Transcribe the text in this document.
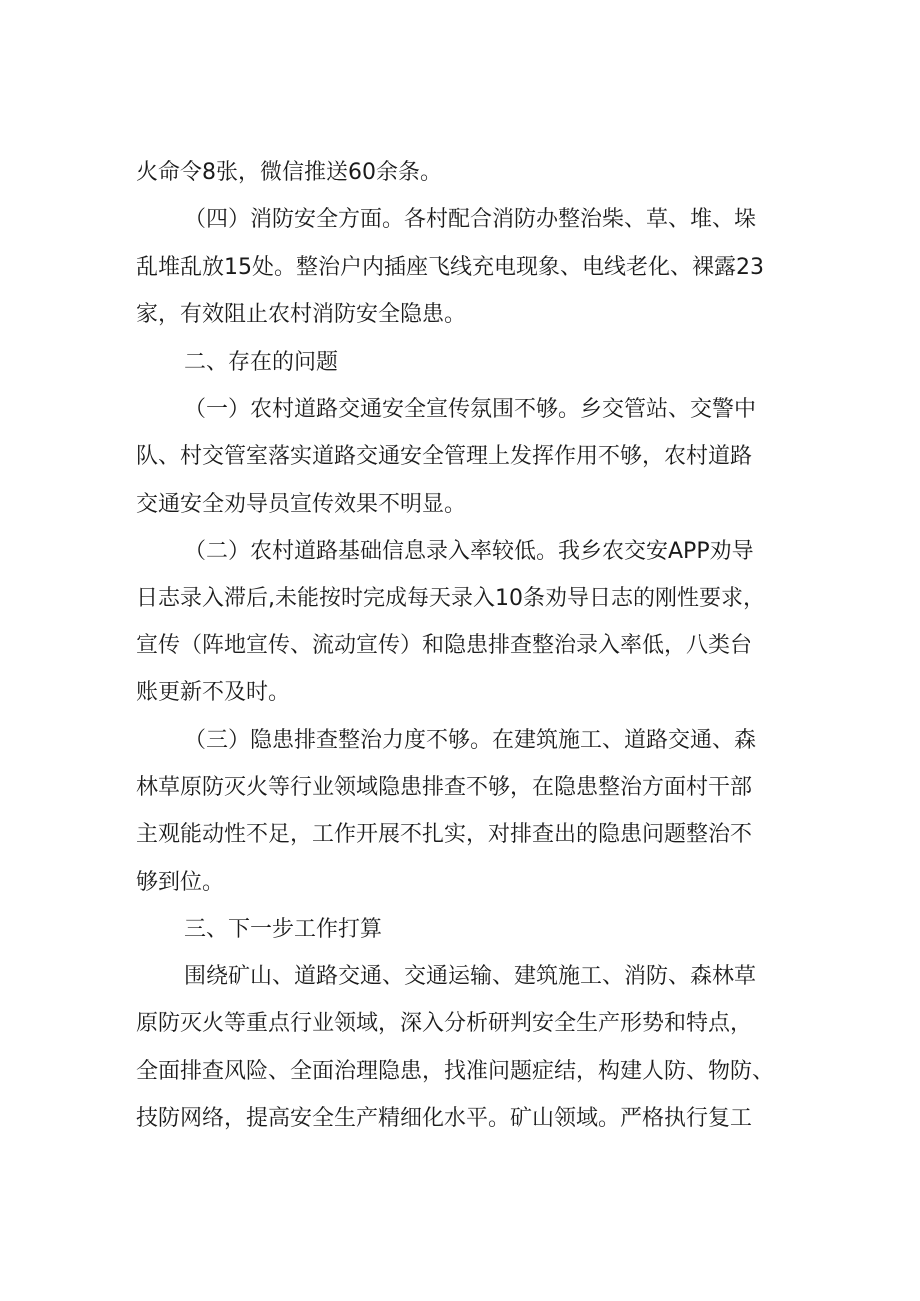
火命令8张，微信推送60余条。
（四）消防安全方面。各村配合消防办整治柴、草、堆、垛
乱堆乱放15处。整治户内插座飞线充电现象、电线老化、裸露23
家，有效阻止农村消防安全隐患。
二、存在的问题
（一）农村道路交通安全宣传氛围不够。乡交管站、交警中
队、村交管室落实道路交通安全管理上发挥作用不够，农村道路
交通安全劝导员宣传效果不明显。
（二）农村道路基础信息录入率较低。我乡农交安APP劝导
日志录入滞后,未能按时完成每天录入10条劝导日志的刚性要求，
宣传（阵地宣传、流动宣传）和隐患排查整治录入率低，八类台
账更新不及时。
（三）隐患排查整治力度不够。在建筑施工、道路交通、森
林草原防灭火等行业领域隐患排查不够，在隐患整治方面村干部
主观能动性不足，工作开展不扎实，对排查出的隐患问题整治不
够到位。
三、下一步工作打算
围绕矿山、道路交通、交通运输、建筑施工、消防、森林草
原防灭火等重点行业领域，深入分析研判安全生产形势和特点，
全面排查风险、全面治理隐患，找准问题症结，构建人防、物防、
技防网络，提高安全生产精细化水平。矿山领域。严格执行复工
